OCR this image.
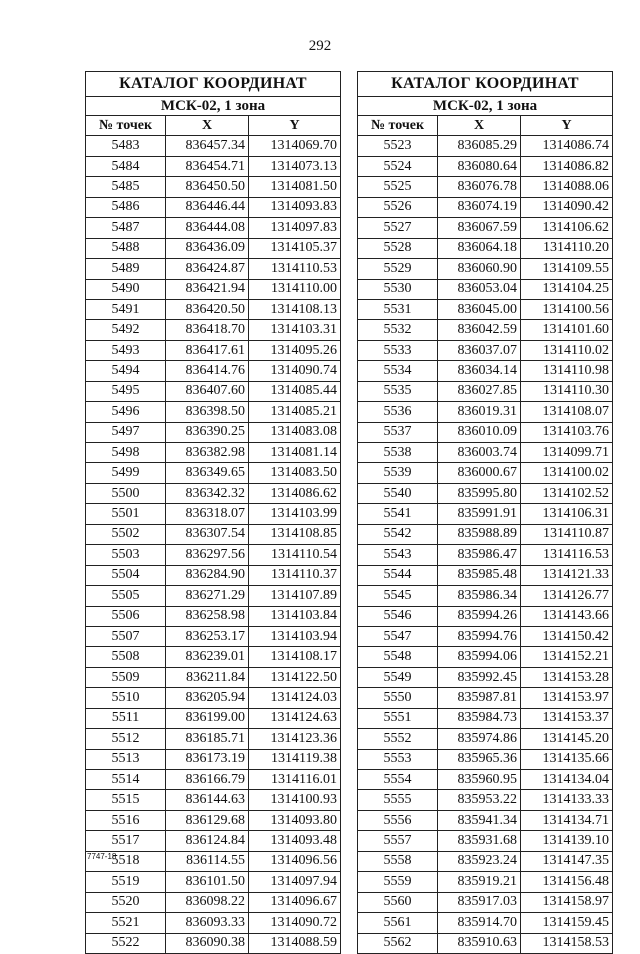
292
КАТАЛОГ КООРДИНАТ		
МСК-02, 1 зона		
№ точек	X	Y
5483	836457.34	1314069.70
5484	836454.71	1314073.13
5485	836450.50	1314081.50
5486	836446.44	1314093.83
5487	836444.08	1314097.83
5488	836436.09	1314105.37
5489	836424.87	1314110.53
5490	836421.94	1314110.00
5491	836420.50	1314108.13
5492	836418.70	1314103.31
5493	836417.61	1314095.26
5494	836414.76	1314090.74
5495	836407.60	1314085.44
5496	836398.50	1314085.21
5497	836390.25	1314083.08
5498	836382.98	1314081.14
5499	836349.65	1314083.50
5500	836342.32	1314086.62
5501	836318.07	1314103.99
5502	836307.54	1314108.85
5503	836297.56	1314110.54
5504	836284.90	1314110.37
5505	836271.29	1314107.89
5506	836258.98	1314103.84
5507	836253.17	1314103.94
5508	836239.01	1314108.17
5509	836211.84	1314122.50
5510	836205.94	1314124.03
5511	836199.00	1314124.63
5512	836185.71	1314123.36
5513	836173.19	1314119.38
5514	836166.79	1314116.01
5515	836144.63	1314100.93
5516	836129.68	1314093.80
5517	836124.84	1314093.48
5518	836114.55	1314096.56
5519	836101.50	1314097.94
5520	836098.22	1314096.67
5521	836093.33	1314090.72
5522	836090.38	1314088.59
КАТАЛОГ КООРДИНАТ		
МСК-02, 1 зона		
№ точек	X	Y
5523	836085.29	1314086.74
5524	836080.64	1314086.82
5525	836076.78	1314088.06
5526	836074.19	1314090.42
5527	836067.59	1314106.62
5528	836064.18	1314110.20
5529	836060.90	1314109.55
5530	836053.04	1314104.25
5531	836045.00	1314100.56
5532	836042.59	1314101.60
5533	836037.07	1314110.02
5534	836034.14	1314110.98
5535	836027.85	1314110.30
5536	836019.31	1314108.07
5537	836010.09	1314103.76
5538	836003.74	1314099.71
5539	836000.67	1314100.02
5540	835995.80	1314102.52
5541	835991.91	1314106.31
5542	835988.89	1314110.87
5543	835986.47	1314116.53
5544	835985.48	1314121.33
5545	835986.34	1314126.77
5546	835994.26	1314143.66
5547	835994.76	1314150.42
5548	835994.06	1314152.21
5549	835992.45	1314153.28
5550	835987.81	1314153.97
5551	835984.73	1314153.37
5552	835974.86	1314145.20
5553	835965.36	1314135.66
5554	835960.95	1314134.04
5555	835953.22	1314133.33
5556	835941.34	1314134.71
5557	835931.68	1314139.10
5558	835923.24	1314147.35
5559	835919.21	1314156.48
5560	835917.03	1314158.97
5561	835914.70	1314159.45
5562	835910.63	1314158.53
7747-18
